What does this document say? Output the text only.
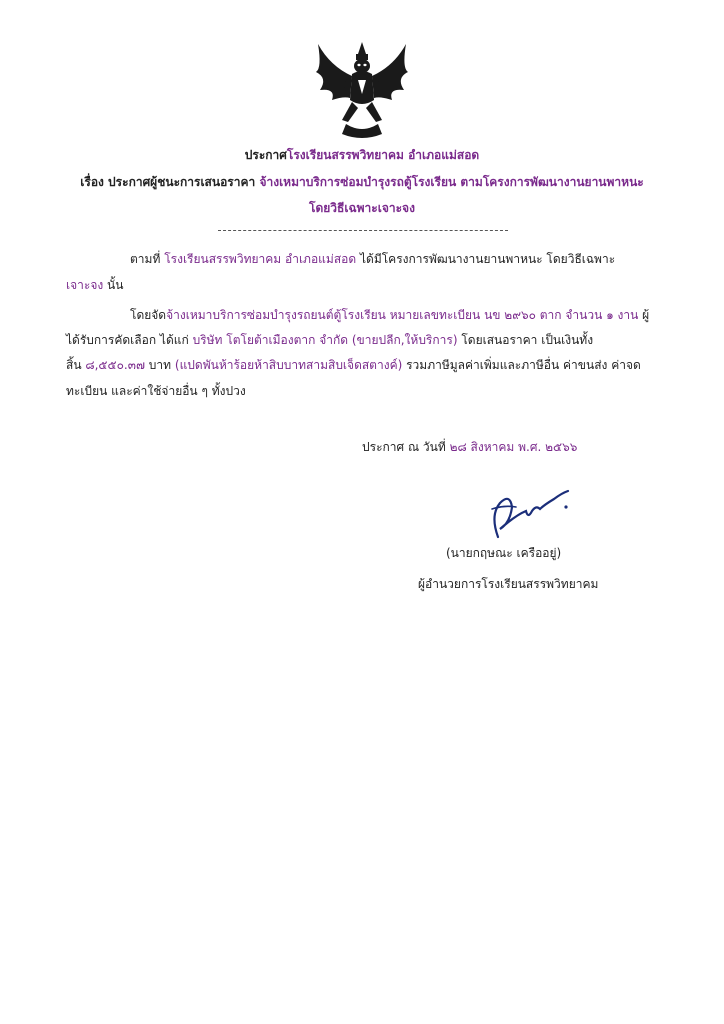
ประกาศโรงเรียนสรรพวิทยาคม อำเภอแม่สอด
เรื่อง ประกาศผู้ชนะการเสนอราคา จ้างเหมาบริการซ่อมบำรุงรถตู้โรงเรียน ตามโครงการพัฒนางานยานพาหนะ
โดยวิธีเฉพาะเจาะจง
ตามที่ โรงเรียนสรรพวิทยาคม อำเภอแม่สอด ได้มีโครงการพัฒนางานยานพาหนะ โดยวิธีเฉพาะ
เจาะจง นั้น
โดยจัดจ้างเหมาบริการซ่อมบำรุงรถยนต์ตู้โรงเรียน หมายเลขทะเบียน นข ๒๙๖๐ ตาก จำนวน ๑ งาน ผู้
ได้รับการคัดเลือก ได้แก่ บริษัท โตโยต้าเมืองตาก จำกัด (ขายปลีก,ให้บริการ) โดยเสนอราคา เป็นเงินทั้ง
สิ้น ๘,๕๕๐.๓๗ บาท (แปดพันห้าร้อยห้าสิบบาทสามสิบเจ็ดสตางค์) รวมภาษีมูลค่าเพิ่มและภาษีอื่น ค่าขนส่ง ค่าจด
ทะเบียน และค่าใช้จ่ายอื่น ๆ ทั้งปวง
ประกาศ ณ วันที่ ๒๘ สิงหาคม พ.ศ. ๒๕๖๖
(นายกฤษณะ เครืออยู่)
ผู้อำนวยการโรงเรียนสรรพวิทยาคม
